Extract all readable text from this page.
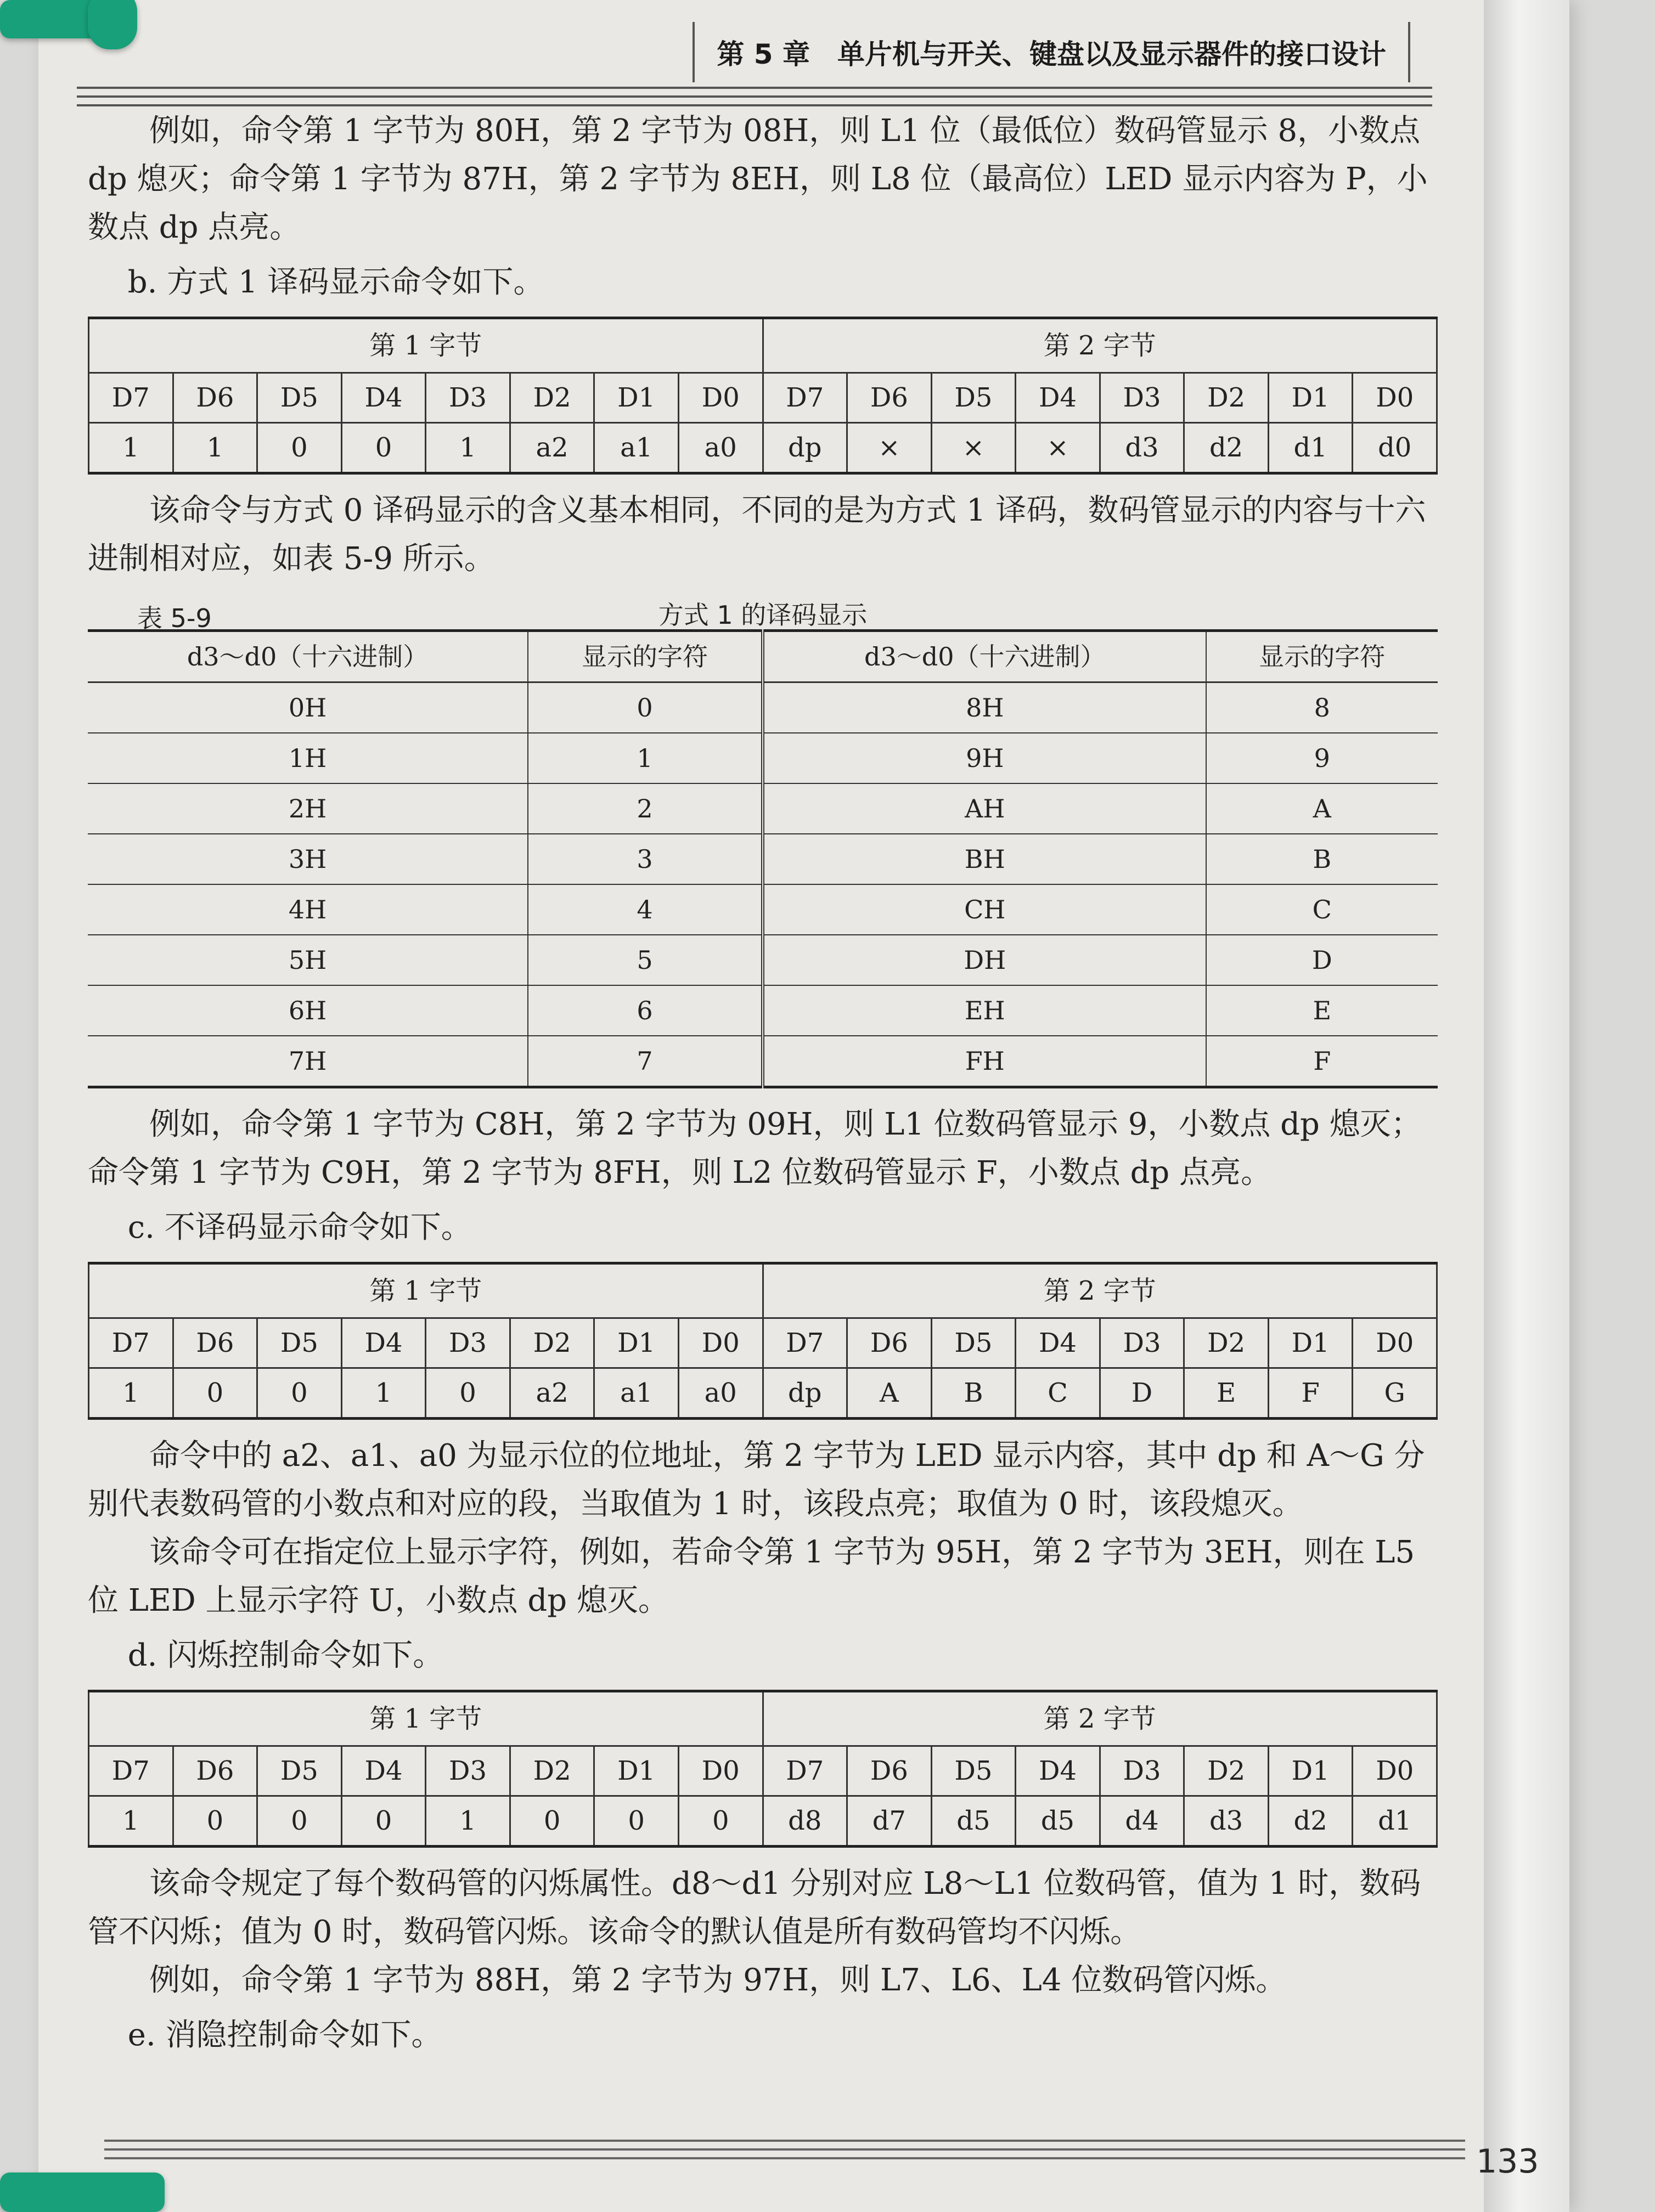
第 5 章　单片机与开关、键盘以及显示器件的接口设计

例如，命令第 1 字节为 80H，第 2 字节为 08H，则 L1 位（最低位）数码管显示 8，小数点 dp 熄灭；命令第 1 字节为 87H，第 2 字节为 8EH，则 L8 位（最高位）LED 显示内容为 P，小数点 dp 点亮。

b. 方式 1 译码显示命令如下。

第 1 字节								第 2 字节							
D7	D6	D5	D4	D3	D2	D1	D0	D7	D6	D5	D4	D3	D2	D1	D0
1	1	0	0	1	a2	a1	a0	dp	×	×	×	d3	d2	d1	d0

该命令与方式 0 译码显示的含义基本相同，不同的是为方式 1 译码，数码管显示的内容与十六进制相对应，如表 5-9 所示。

表 5-9	方式 1 的译码显示
d3～d0（十六进制）	显示的字符	d3～d0（十六进制）	显示的字符
0H	0	8H	8
1H	1	9H	9
2H	2	AH	A
3H	3	BH	B
4H	4	CH	C
5H	5	DH	D
6H	6	EH	E
7H	7	FH	F

例如，命令第 1 字节为 C8H，第 2 字节为 09H，则 L1 位数码管显示 9，小数点 dp 熄灭；命令第 1 字节为 C9H，第 2 字节为 8FH，则 L2 位数码管显示 F，小数点 dp 点亮。

c. 不译码显示命令如下。

第 1 字节								第 2 字节							
D7	D6	D5	D4	D3	D2	D1	D0	D7	D6	D5	D4	D3	D2	D1	D0
1	0	0	1	0	a2	a1	a0	dp	A	B	C	D	E	F	G

命令中的 a2、a1、a0 为显示位的位地址，第 2 字节为 LED 显示内容，其中 dp 和 A～G 分别代表数码管的小数点和对应的段，当取值为 1 时，该段点亮；取值为 0 时，该段熄灭。

该命令可在指定位上显示字符，例如，若命令第 1 字节为 95H，第 2 字节为 3EH，则在 L5 位 LED 上显示字符 U，小数点 dp 熄灭。

d. 闪烁控制命令如下。

第 1 字节								第 2 字节							
D7	D6	D5	D4	D3	D2	D1	D0	D7	D6	D5	D4	D3	D2	D1	D0
1	0	0	0	1	0	0	0	d8	d7	d5	d5	d4	d3	d2	d1

该命令规定了每个数码管的闪烁属性。d8～d1 分别对应 L8～L1 位数码管，值为 1 时，数码管不闪烁；值为 0 时，数码管闪烁。该命令的默认值是所有数码管均不闪烁。

例如，命令第 1 字节为 88H，第 2 字节为 97H，则 L7、L6、L4 位数码管闪烁。

e. 消隐控制命令如下。

133
